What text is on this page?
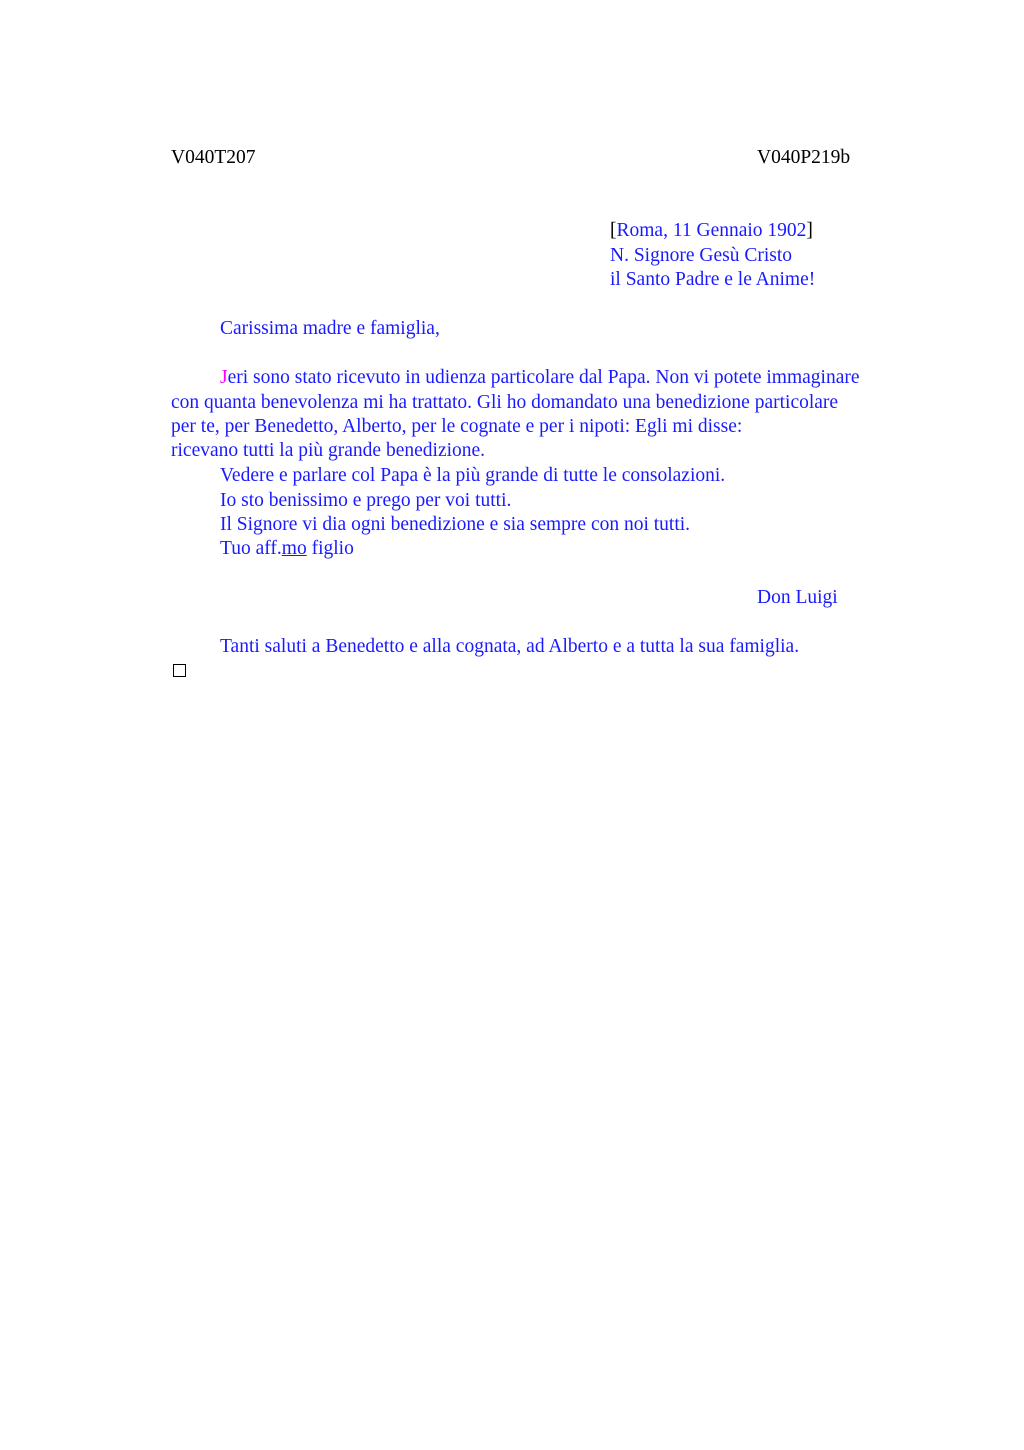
V040T207	V040P219b
[Roma, 11 Gennaio 1902]
N. Signore Gesù Cristo
il Santo Padre e le Anime!
Carissima madre e famiglia,
Jeri sono stato ricevuto in udienza particolare dal Papa. Non vi potete immaginare
con quanta benevolenza mi ha trattato. Gli ho domandato una benedizione particolare
per te, per Benedetto, Alberto, per le cognate e per i nipoti: Egli mi disse:
ricevano tutti la più grande benedizione.
Vedere e parlare col Papa è la più grande di tutte le consolazioni.
Io sto benissimo e prego per voi tutti.
Il Signore vi dia ogni benedizione e sia sempre con noi tutti.
Tuo aff.mo figlio
Don Luigi
Tanti saluti a Benedetto e alla cognata, ad Alberto e a tutta la sua famiglia.
